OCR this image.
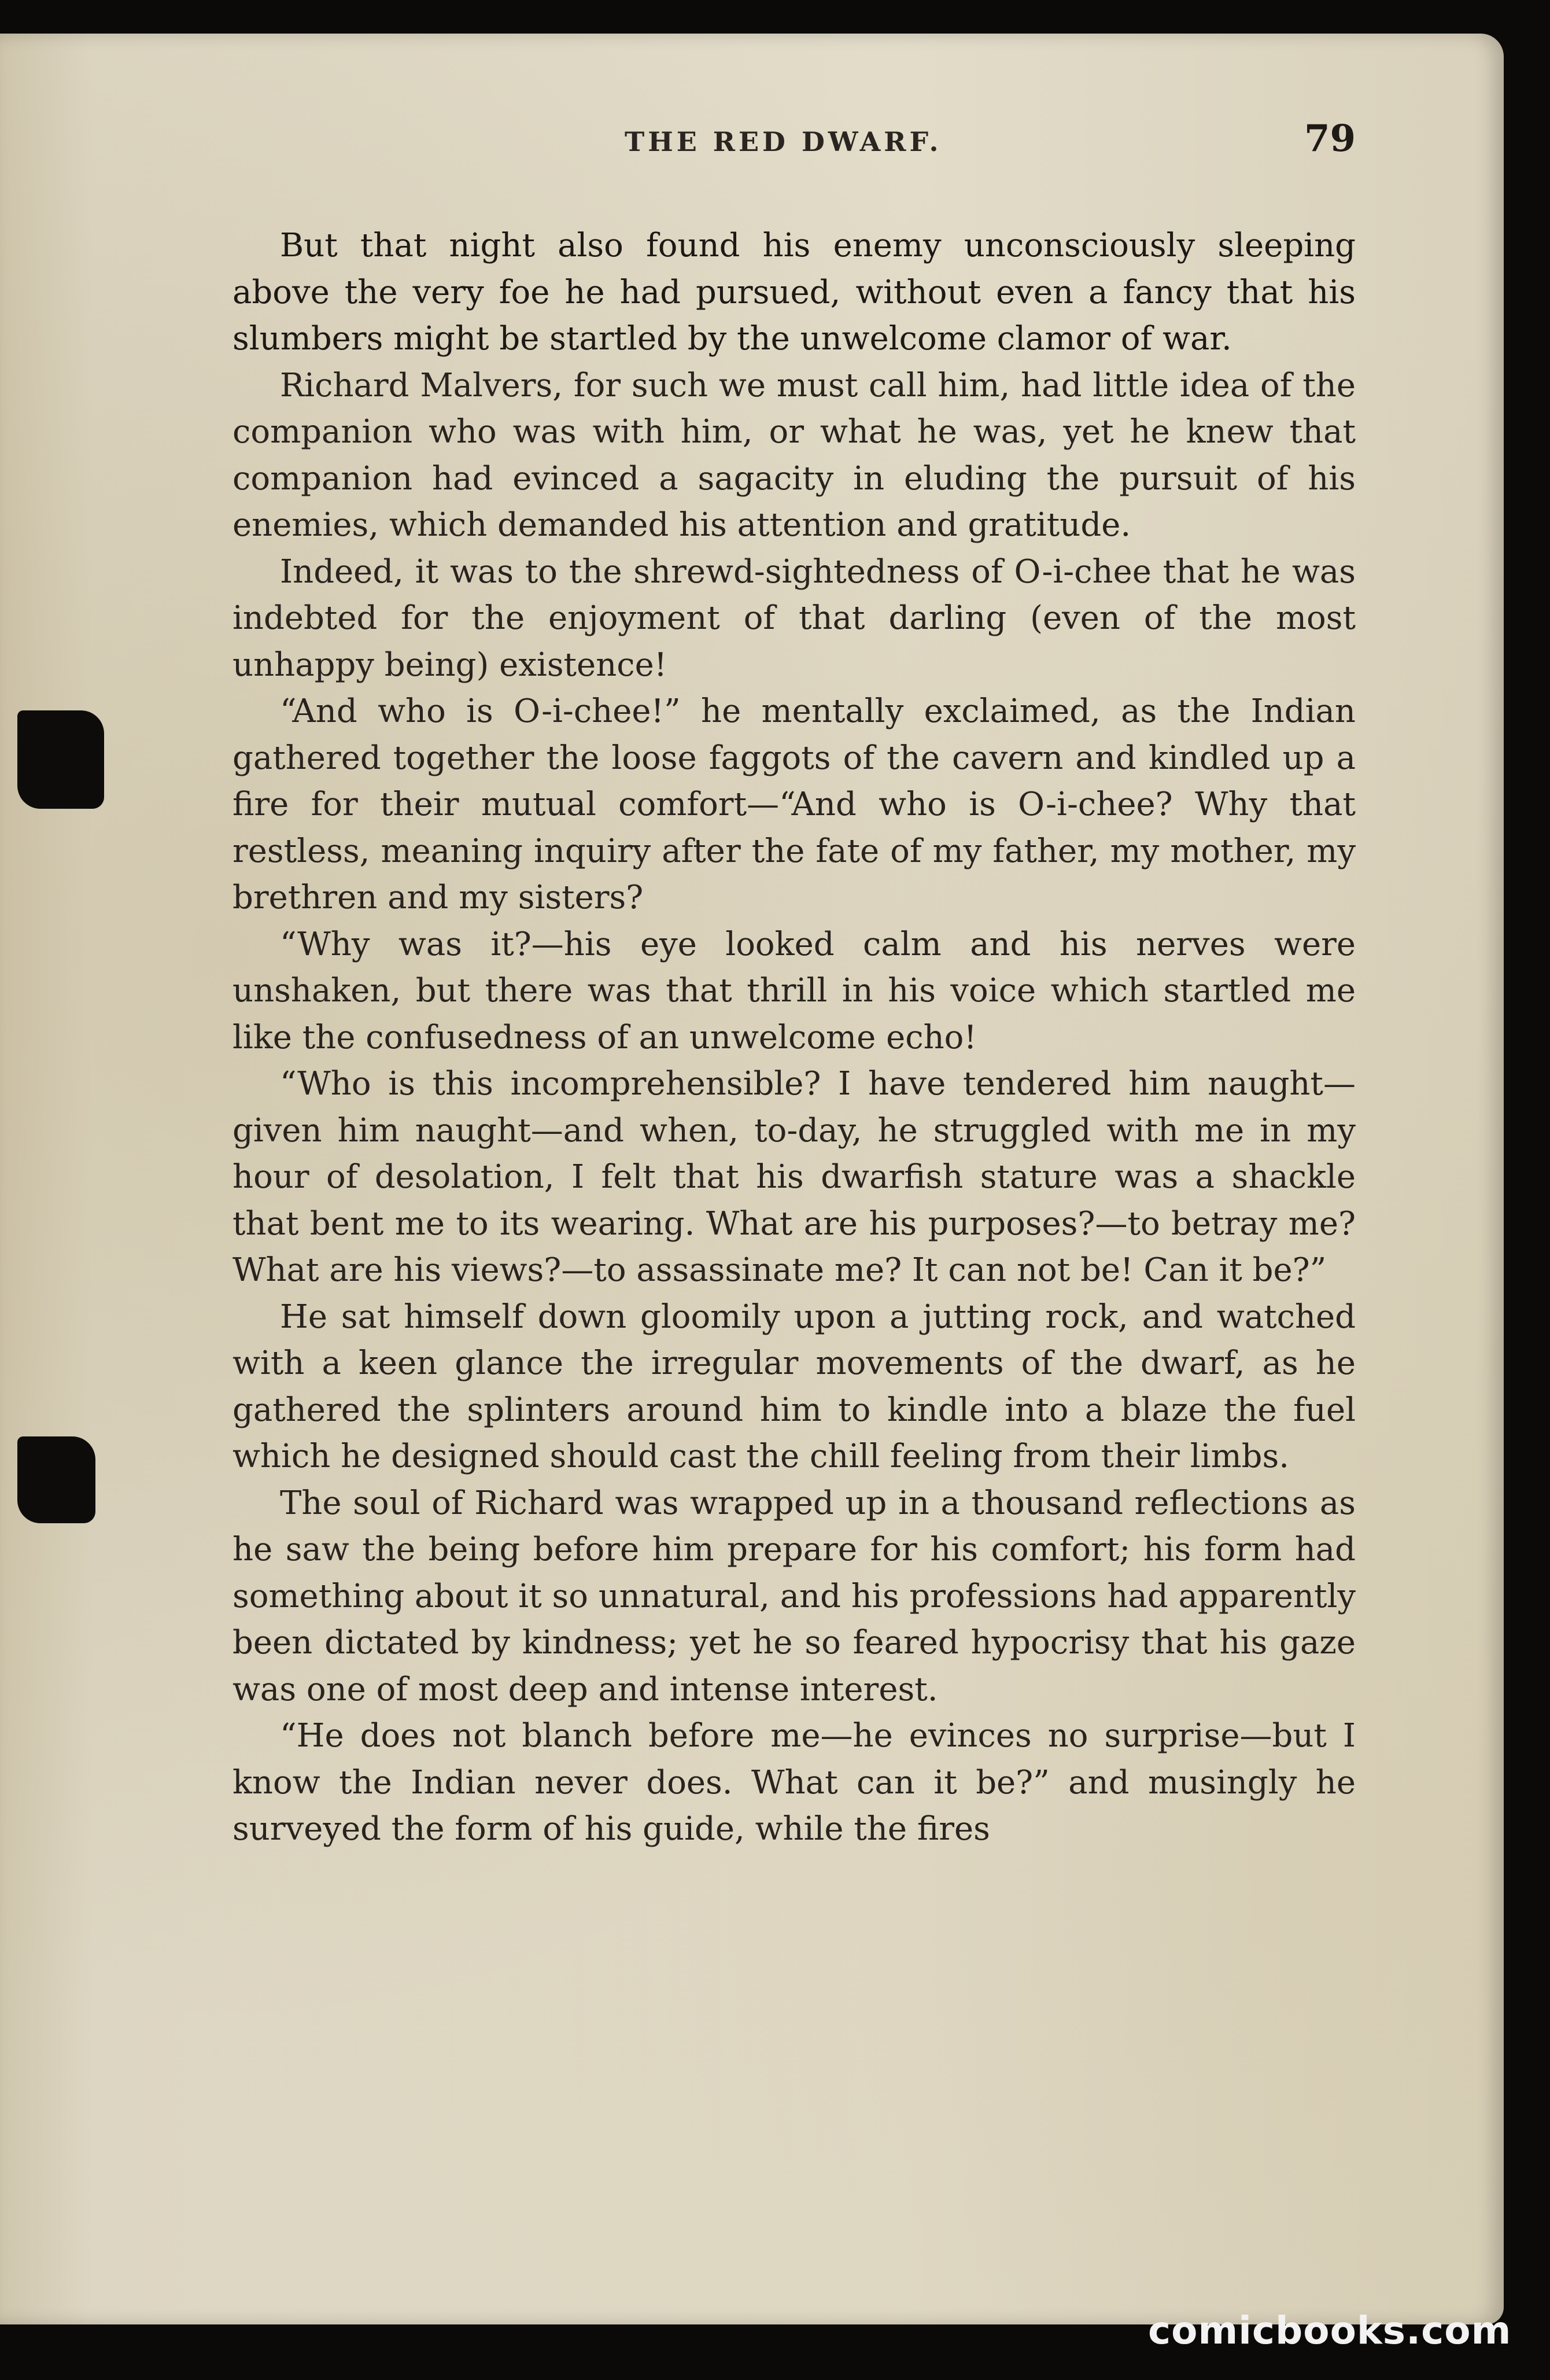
THE RED DWARF.	79

But that night also found his enemy unconsciously sleeping above the very foe he had pursued, without even a fancy that his slumbers might be startled by the unwelcome clamor of war.

Richard Malvers, for such we must call him, had little idea of the companion who was with him, or what he was, yet he knew that companion had evinced a sagacity in eluding the pursuit of his enemies, which demanded his attention and gratitude.

Indeed, it was to the shrewd-sightedness of O-i-chee that he was indebted for the enjoyment of that darling (even of the most unhappy being) existence!

“And who is O-i-chee!” he mentally exclaimed, as the Indian gathered together the loose faggots of the cavern and kindled up a fire for their mutual comfort—“And who is O-i-chee? Why that restless, meaning inquiry after the fate of my father, my mother, my brethren and my sisters?

“Why was it?—his eye looked calm and his nerves were unshaken, but there was that thrill in his voice which startled me like the confusedness of an unwelcome echo!

“Who is this incomprehensible? I have tendered him naught—given him naught—and when, to-day, he struggled with me in my hour of desolation, I felt that his dwarfish stature was a shackle that bent me to its wearing. What are his purposes?—to betray me? What are his views?—to assassinate me? It can not be! Can it be?”

He sat himself down gloomily upon a jutting rock, and watched with a keen glance the irregular movements of the dwarf, as he gathered the splinters around him to kindle into a blaze the fuel which he designed should cast the chill feeling from their limbs.

The soul of Richard was wrapped up in a thousand reflections as he saw the being before him prepare for his comfort; his form had something about it so unnatural, and his professions had apparently been dictated by kindness; yet he so feared hypocrisy that his gaze was one of most deep and intense interest.

“He does not blanch before me—he evinces no surprise—but I know the Indian never does. What can it be?” and musingly he surveyed the form of his guide, while the fires

comicbooks.com
